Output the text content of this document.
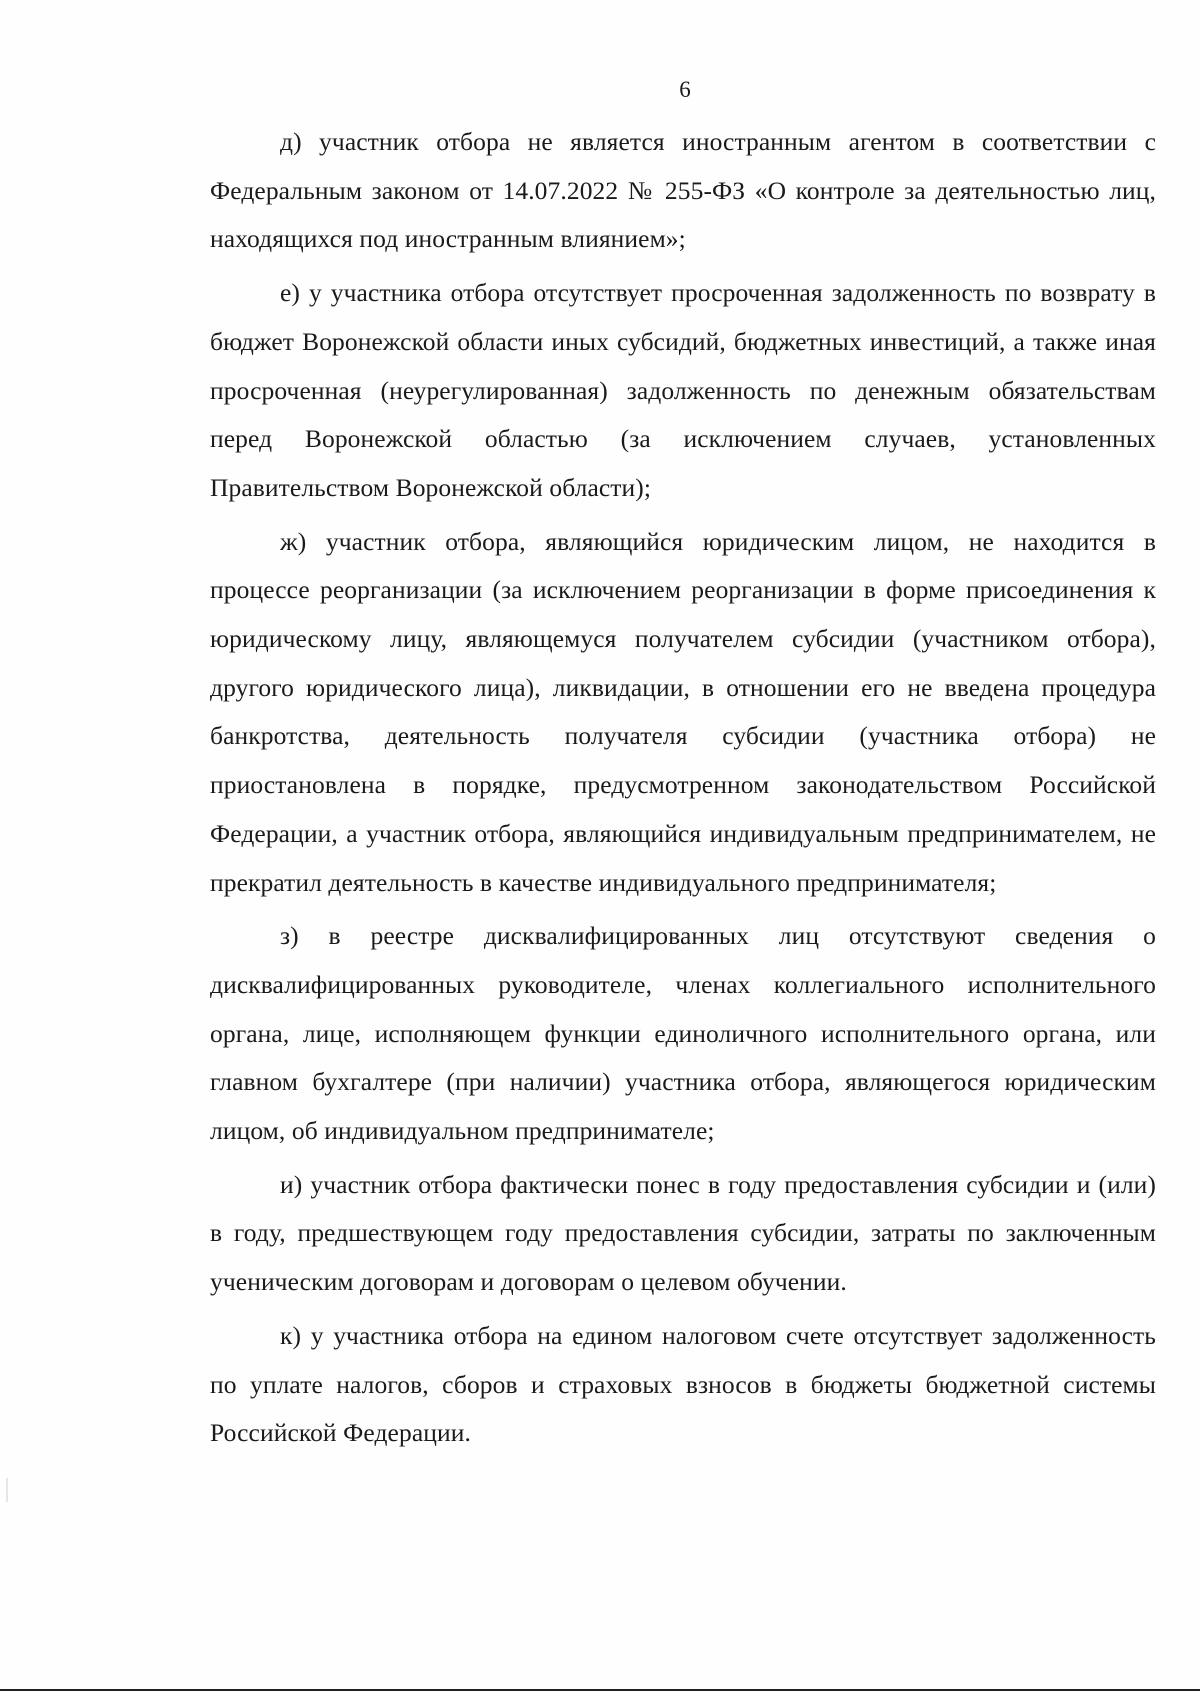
6

д) участник отбора не является иностранным агентом в соответствии с Федеральным законом от 14.07.2022 № 255-ФЗ «О контроле за деятельностью лиц, находящихся под иностранным влиянием»;

е) у участника отбора отсутствует просроченная задолженность по возврату в бюджет Воронежской области иных субсидий, бюджетных инвестиций, а также иная просроченная (неурегулированная) задолженность по денежным обязательствам перед Воронежской областью (за исключением случаев, установленных Правительством Воронежской области);

ж) участник отбора, являющийся юридическим лицом, не находится в процессе реорганизации (за исключением реорганизации в форме присоединения к юридическому лицу, являющемуся получателем субсидии (участником отбора), другого юридического лица), ликвидации, в отношении его не введена процедура банкротства, деятельность получателя субсидии (участника отбора) не приостановлена в порядке, предусмотренном законодательством Российской Федерации, а участник отбора, являющийся индивидуальным предпринимателем, не прекратил деятельность в качестве индивидуального предпринимателя;

з) в реестре дисквалифицированных лиц отсутствуют сведения о дисквалифицированных руководителе, членах коллегиального исполнительного органа, лице, исполняющем функции единоличного исполнительного органа, или главном бухгалтере (при наличии) участника отбора, являющегося юридическим лицом, об индивидуальном предпринимателе;

и) участник отбора фактически понес в году предоставления субсидии и (или) в году, предшествующем году предоставления субсидии, затраты по заключенным ученическим договорам и договорам о целевом обучении.

к) у участника отбора на едином налоговом счете отсутствует задолженность по уплате налогов, сборов и страховых взносов в бюджеты бюджетной системы Российской Федерации.
